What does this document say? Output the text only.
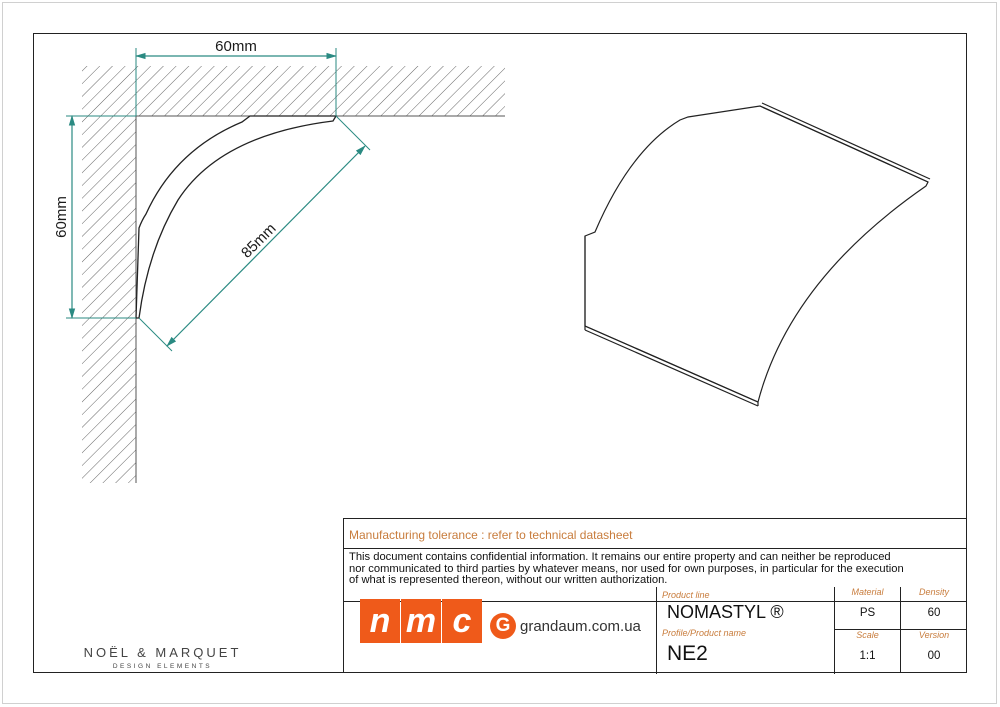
60mm
60mm
85mm
Manufacturing tolerance : refer to technical datasheet
This document contains confidential information. It remains our entire property and can neither be reproduced
nor communicated to third parties by whatever means, nor used for own purposes, in particular for the execution
of what is represented thereon, without our written authorization.
n m c	G grandaum.com.ua
Product line
NOMASTYL ®
Profile/Product name
NE2
Material
PS
Density
60
Scale
1:1
Version
00
NOËL & MARQUET
DESIGN ELEMENTS
